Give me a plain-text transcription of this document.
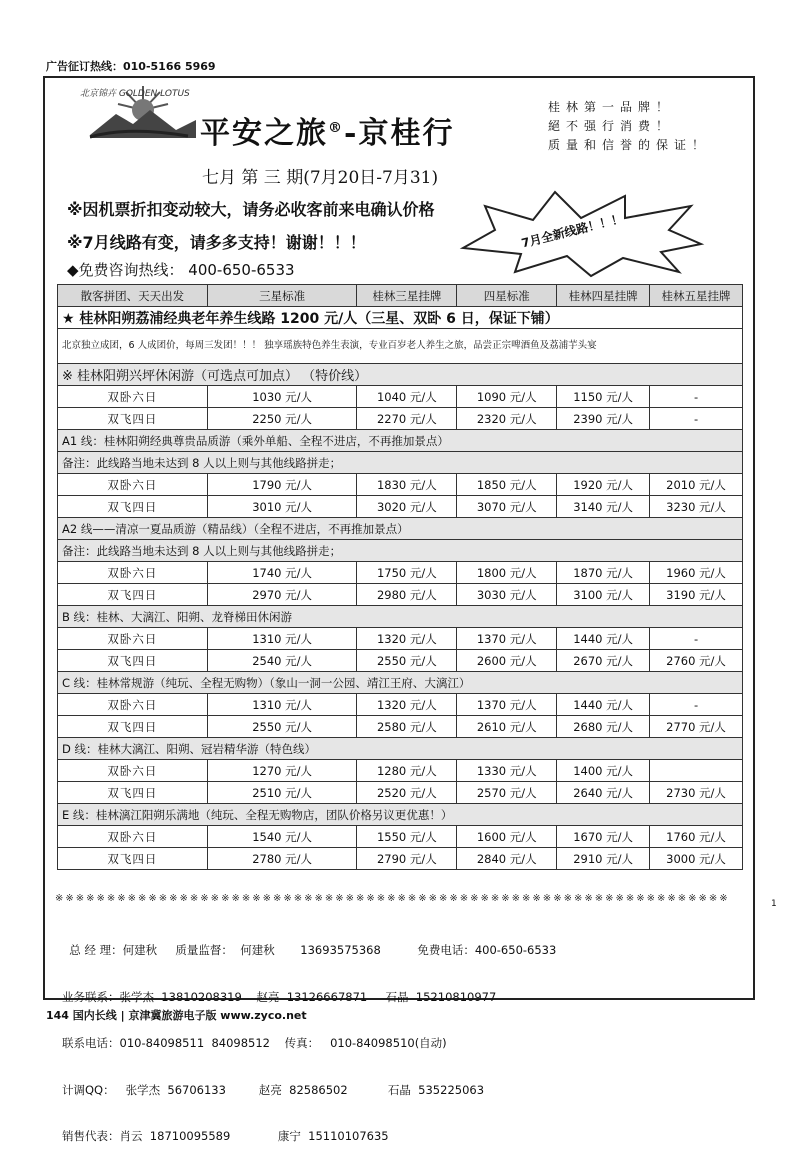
广告征订热线：010-5166 5969
北京锦卉 GOLDEN LOTUS
平安之旅®-京桂行
桂林第一品牌！
絕不强行消费！
质量和信誉的保证！
七月 第 三 期(7月20日-7月31)
※因机票折扣变动较大，请务必收客前来电确认价格
※7月线路有变，请多多支持！谢谢！！！
◆免费咨询热线： 400-650-6533
7月全新线路！！！
散客拼团、天天出发	三星标准	桂林三星挂牌	四星标准	桂林四星挂牌	桂林五星挂牌
★ 桂林阳朔荔浦经典老年养生线路 1200 元/人（三星、双卧 6 日，保证下铺）					
北京独立成团，6 人成团价，每周三发团！！！ 独享瑶族特色养生表演，专业百岁老人养生之旅，品尝正宗啤酒鱼及荔浦芋头宴					
※ 桂林阳朔兴坪休闲游（可选点可加点） （特价线）					
双卧六日	1030 元/人	1040 元/人	1090 元/人	1150 元/人	-
双飞四日	2250 元/人	2270 元/人	2320 元/人	2390 元/人	-
A1 线：桂林阳朔经典尊贵品质游（乘外单船、全程不进店，不再推加景点）					
备注：此线路当地未达到 8 人以上则与其他线路拼走；					
双卧六日	1790 元/人	1830 元/人	1850 元/人	1920 元/人	2010 元/人
双飞四日	3010 元/人	3020 元/人	3070 元/人	3140 元/人	3230 元/人
A2 线——清凉一夏品质游（精品线）（全程不进店，不再推加景点）					
备注：此线路当地未达到 8 人以上则与其他线路拼走；					
双卧六日	1740 元/人	1750 元/人	1800 元/人	1870 元/人	1960 元/人
双飞四日	2970 元/人	2980 元/人	3030 元/人	3100 元/人	3190 元/人
B 线：桂林、大漓江、阳朔、龙脊梯田休闲游					
双卧六日	1310 元/人	1320 元/人	1370 元/人	1440 元/人	-
双飞四日	2540 元/人	2550 元/人	2600 元/人	2670 元/人	2760 元/人
C 线：桂林常规游（纯玩、全程无购物）（象山一洞一公园、靖江王府、大漓江）					
双卧六日	1310 元/人	1320 元/人	1370 元/人	1440 元/人	-
双飞四日	2550 元/人	2580 元/人	2610 元/人	2680 元/人	2770 元/人
D 线：桂林大漓江、阳朔、冠岩精华游（特色线）					
双卧六日	1270 元/人	1280 元/人	1330 元/人	1400 元/人	
双飞四日	2510 元/人	2520 元/人	2570 元/人	2640 元/人	2730 元/人
E 线：桂林漓江阳朔乐满地（纯玩、全程无购物店，团队价格另议更优惠！）					
双卧六日	1540 元/人	1550 元/人	1600 元/人	1670 元/人	1760 元/人
双飞四日	2780 元/人	2790 元/人	2840 元/人	2910 元/人	3000 元/人
※※※※※※※※※※※※※※※※※※※※※※※※※※※※※※※※※※※※※※※※※※※※※※※※※※※※※※※※※※※※※※※※※	1

总 经 理：何建秋     质量监督：  何建秋       13693575368          免费电话：400-650-6533

业务联系：张学杰  13810208319    赵亮  13126667871     石晶  15210810977

联系电话：010-84098511  84098512    传真：   010-84098510(自动)

计调QQ：   张学杰  56706133         赵亮  82586502           石晶  535225063

销售代表：肖云  18710095589             康宁  15110107635

144 国内长线 | 京津冀旅游电子版 www.zyco.net
